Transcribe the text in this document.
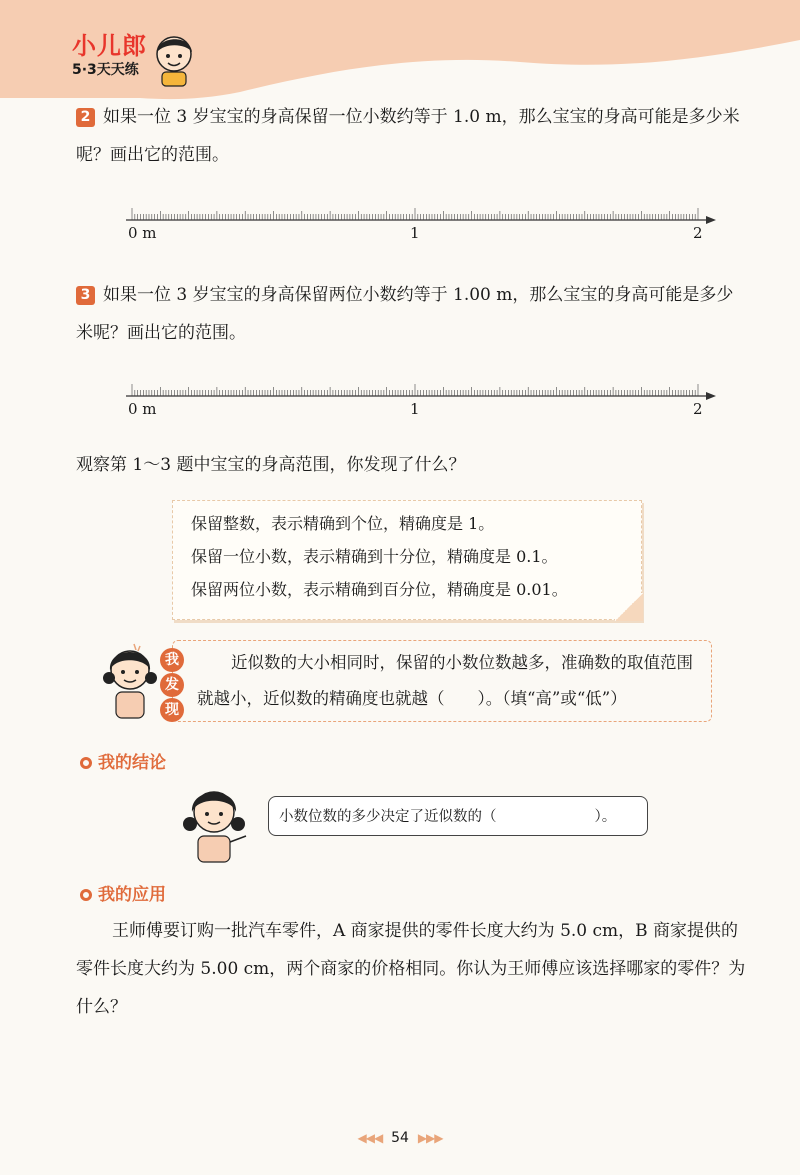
小儿郎
5·3天天练
2 如果一位 3 岁宝宝的身高保留一位小数约等于 1.0 m，那么宝宝的身高可能是多少米呢？画出它的范围。
0 m	1	2
3 如果一位 3 岁宝宝的身高保留两位小数约等于 1.00 m，那么宝宝的身高可能是多少米呢？画出它的范围。
0 m	1	2
观察第 1～3 题中宝宝的身高范围，你发现了什么？
保留整数，表示精确到个位，精确度是 1。
保留一位小数，表示精确到十分位，精确度是 0.1。
保留两位小数，表示精确到百分位，精确度是 0.01。
近似数的大小相同时，保留的小数位数越多，准确数的取值范围就越小，近似数的精确度也就越（　　）。（填“高”或“低”）
我
发
现
我的结论
小数位数的多少决定了近似数的（	）。
我的应用
王师傅要订购一批汽车零件，A 商家提供的零件长度大约为 5.0 cm，B 商家提供的零件长度大约为 5.00 cm，两个商家的价格相同。你认为王师傅应该选择哪家的零件？为什么？
◀◀◀ 54 ▶▶▶
